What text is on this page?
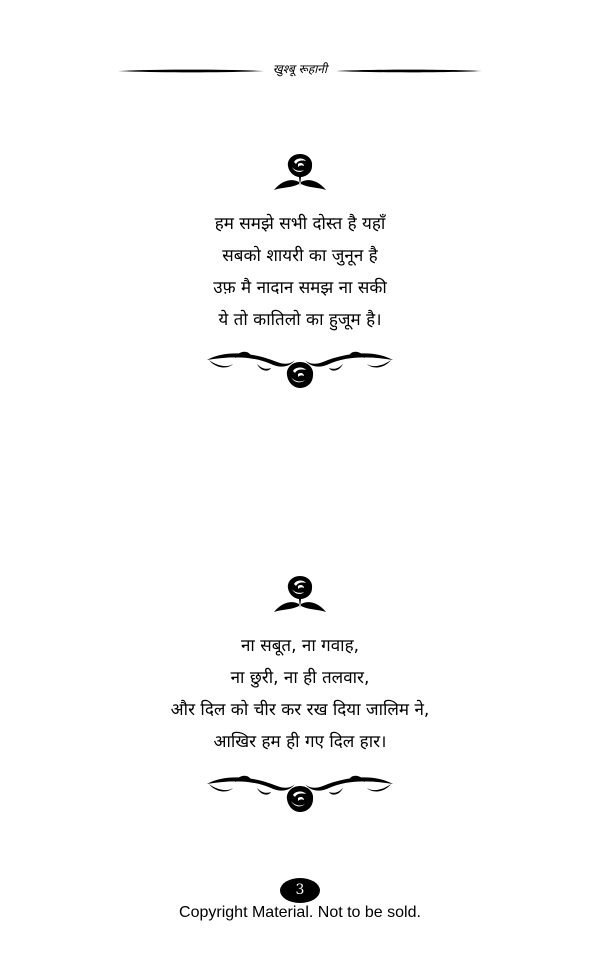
खुश्बू रूहानी
हम समझे सभी दोस्त है यहाँ
सबको शायरी का जुनून है
उफ़ मै नादान समझ ना सकी
ये तो कातिलो का हुजूम है।
ना सबूत, ना गवाह,
ना छुरी, ना ही तलवार,
और दिल को चीर कर रख दिया जालिम ने,
आखिर हम ही गए दिल हार।
3
Copyright Material. Not to be sold.
